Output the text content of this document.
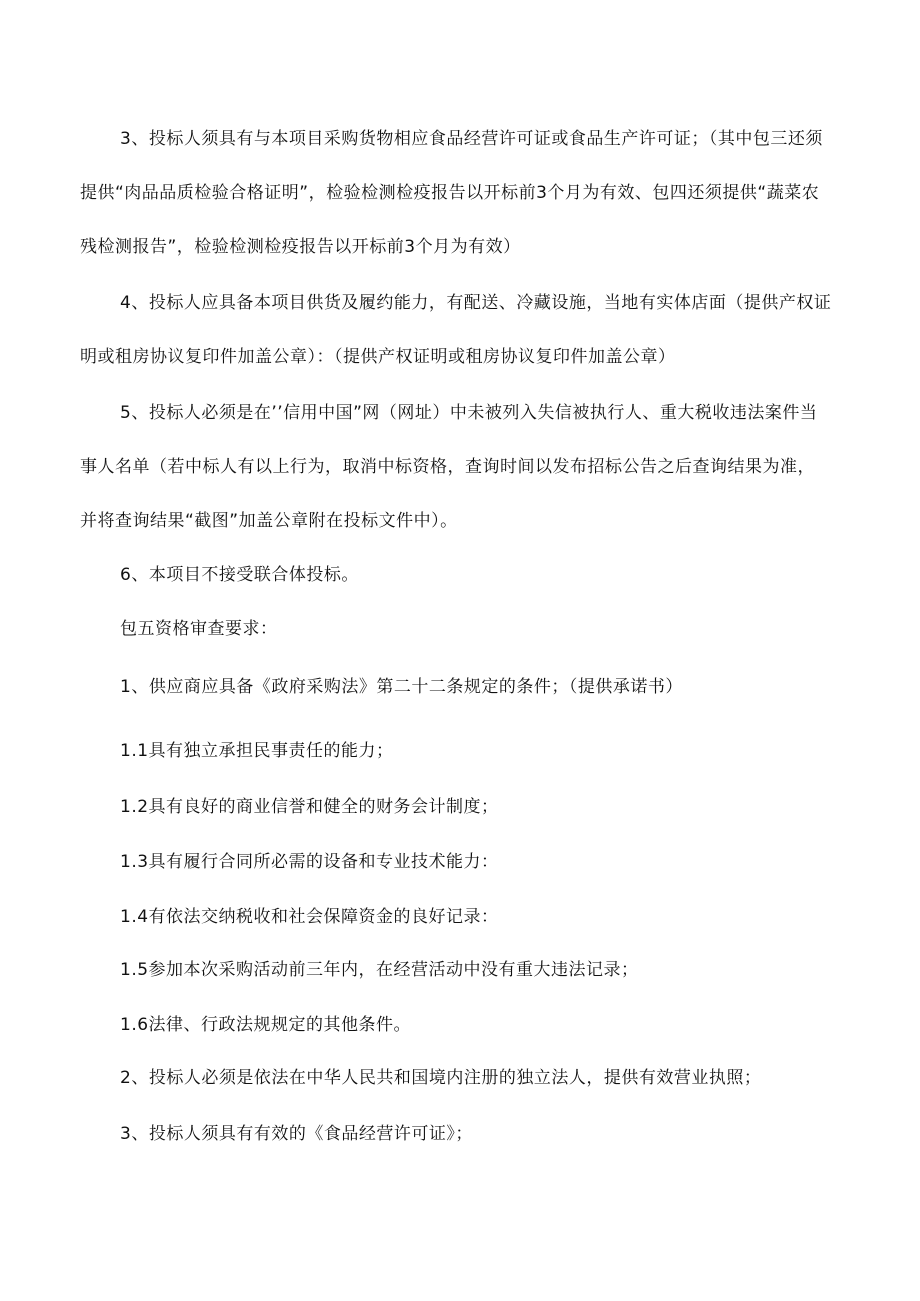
3、投标人须具有与本项目采购货物相应食品经营许可证或食品生产许可证；（其中包三还须提供“肉品品质检验合格证明”，检验检测检疫报告以开标前3个月为有效、包四还须提供“蔬菜农残检测报告”，检验检测检疫报告以开标前3个月为有效）

4、投标人应具备本项目供货及履约能力，有配送、冷藏设施，当地有实体店面（提供产权证明或租房协议复印件加盖公章）：（提供产权证明或租房协议复印件加盖公章）

5、投标人必须是在’’信用中国”网（网址）中未被列入失信被执行人、重大税收违法案件当事人名单（若中标人有以上行为，取消中标资格，查询时间以发布招标公告之后查询结果为准，并将查询结果“截图”加盖公章附在投标文件中）。

6、本项目不接受联合体投标。

包五资格审查要求：

1、供应商应具备《政府采购法》第二十二条规定的条件；（提供承诺书）

1.1具有独立承担民事责任的能力；

1.2具有良好的商业信誉和健全的财务会计制度；

1.3具有履行合同所必需的设备和专业技术能力：

1.4有依法交纳税收和社会保障资金的良好记录：

1.5参加本次采购活动前三年内，在经营活动中没有重大违法记录；

1.6法律、行政法规规定的其他条件。

2、投标人必须是依法在中华人民共和国境内注册的独立法人，提供有效营业执照；

3、投标人须具有有效的《食品经营许可证》；
